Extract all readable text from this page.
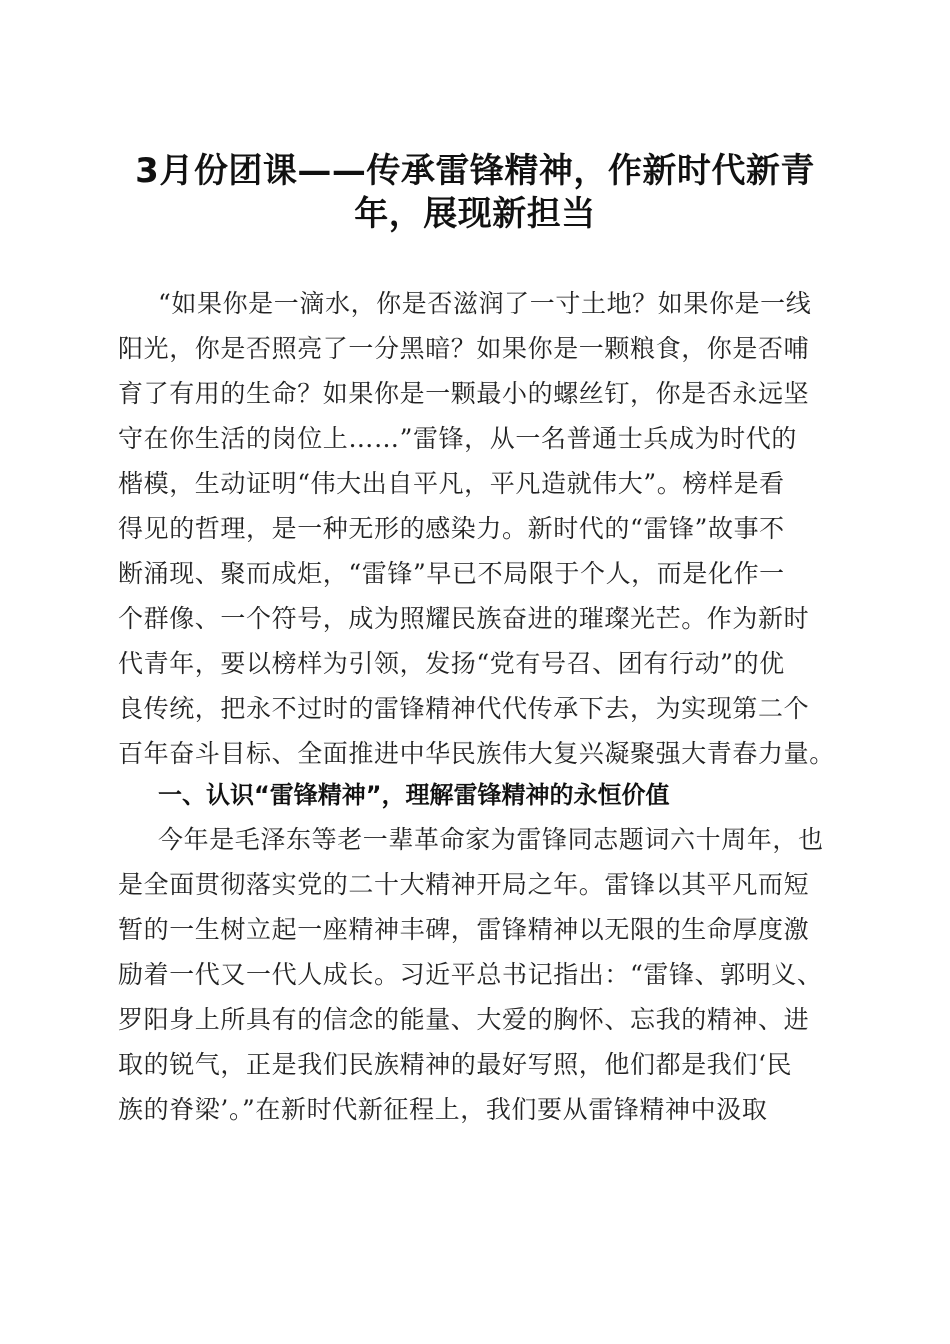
3月份团课——传承雷锋精神，作新时代新青
年，展现新担当
“如果你是一滴水，你是否滋润了一寸土地？如果你是一线
阳光，你是否照亮了一分黑暗？如果你是一颗粮食，你是否哺
育了有用的生命？如果你是一颗最小的螺丝钉，你是否永远坚
守在你生活的岗位上……”雷锋，从一名普通士兵成为时代的
楷模，生动证明“伟大出自平凡，平凡造就伟大”。榜样是看
得见的哲理，是一种无形的感染力。新时代的“雷锋”故事不
断涌现、聚而成炬，“雷锋”早已不局限于个人，而是化作一
个群像、一个符号，成为照耀民族奋进的璀璨光芒。作为新时
代青年，要以榜样为引领，发扬“党有号召、团有行动”的优
良传统，把永不过时的雷锋精神代代传承下去，为实现第二个
百年奋斗目标、全面推进中华民族伟大复兴凝聚强大青春力量。
一、认识“雷锋精神”，理解雷锋精神的永恒价值
今年是毛泽东等老一辈革命家为雷锋同志题词六十周年，也
是全面贯彻落实党的二十大精神开局之年。雷锋以其平凡而短
暂的一生树立起一座精神丰碑，雷锋精神以无限的生命厚度激
励着一代又一代人成长。习近平总书记指出：“雷锋、郭明义、
罗阳身上所具有的信念的能量、大爱的胸怀、忘我的精神、进
取的锐气，正是我们民族精神的最好写照，他们都是我们‘民
族的脊梁’。”在新时代新征程上，我们要从雷锋精神中汲取
